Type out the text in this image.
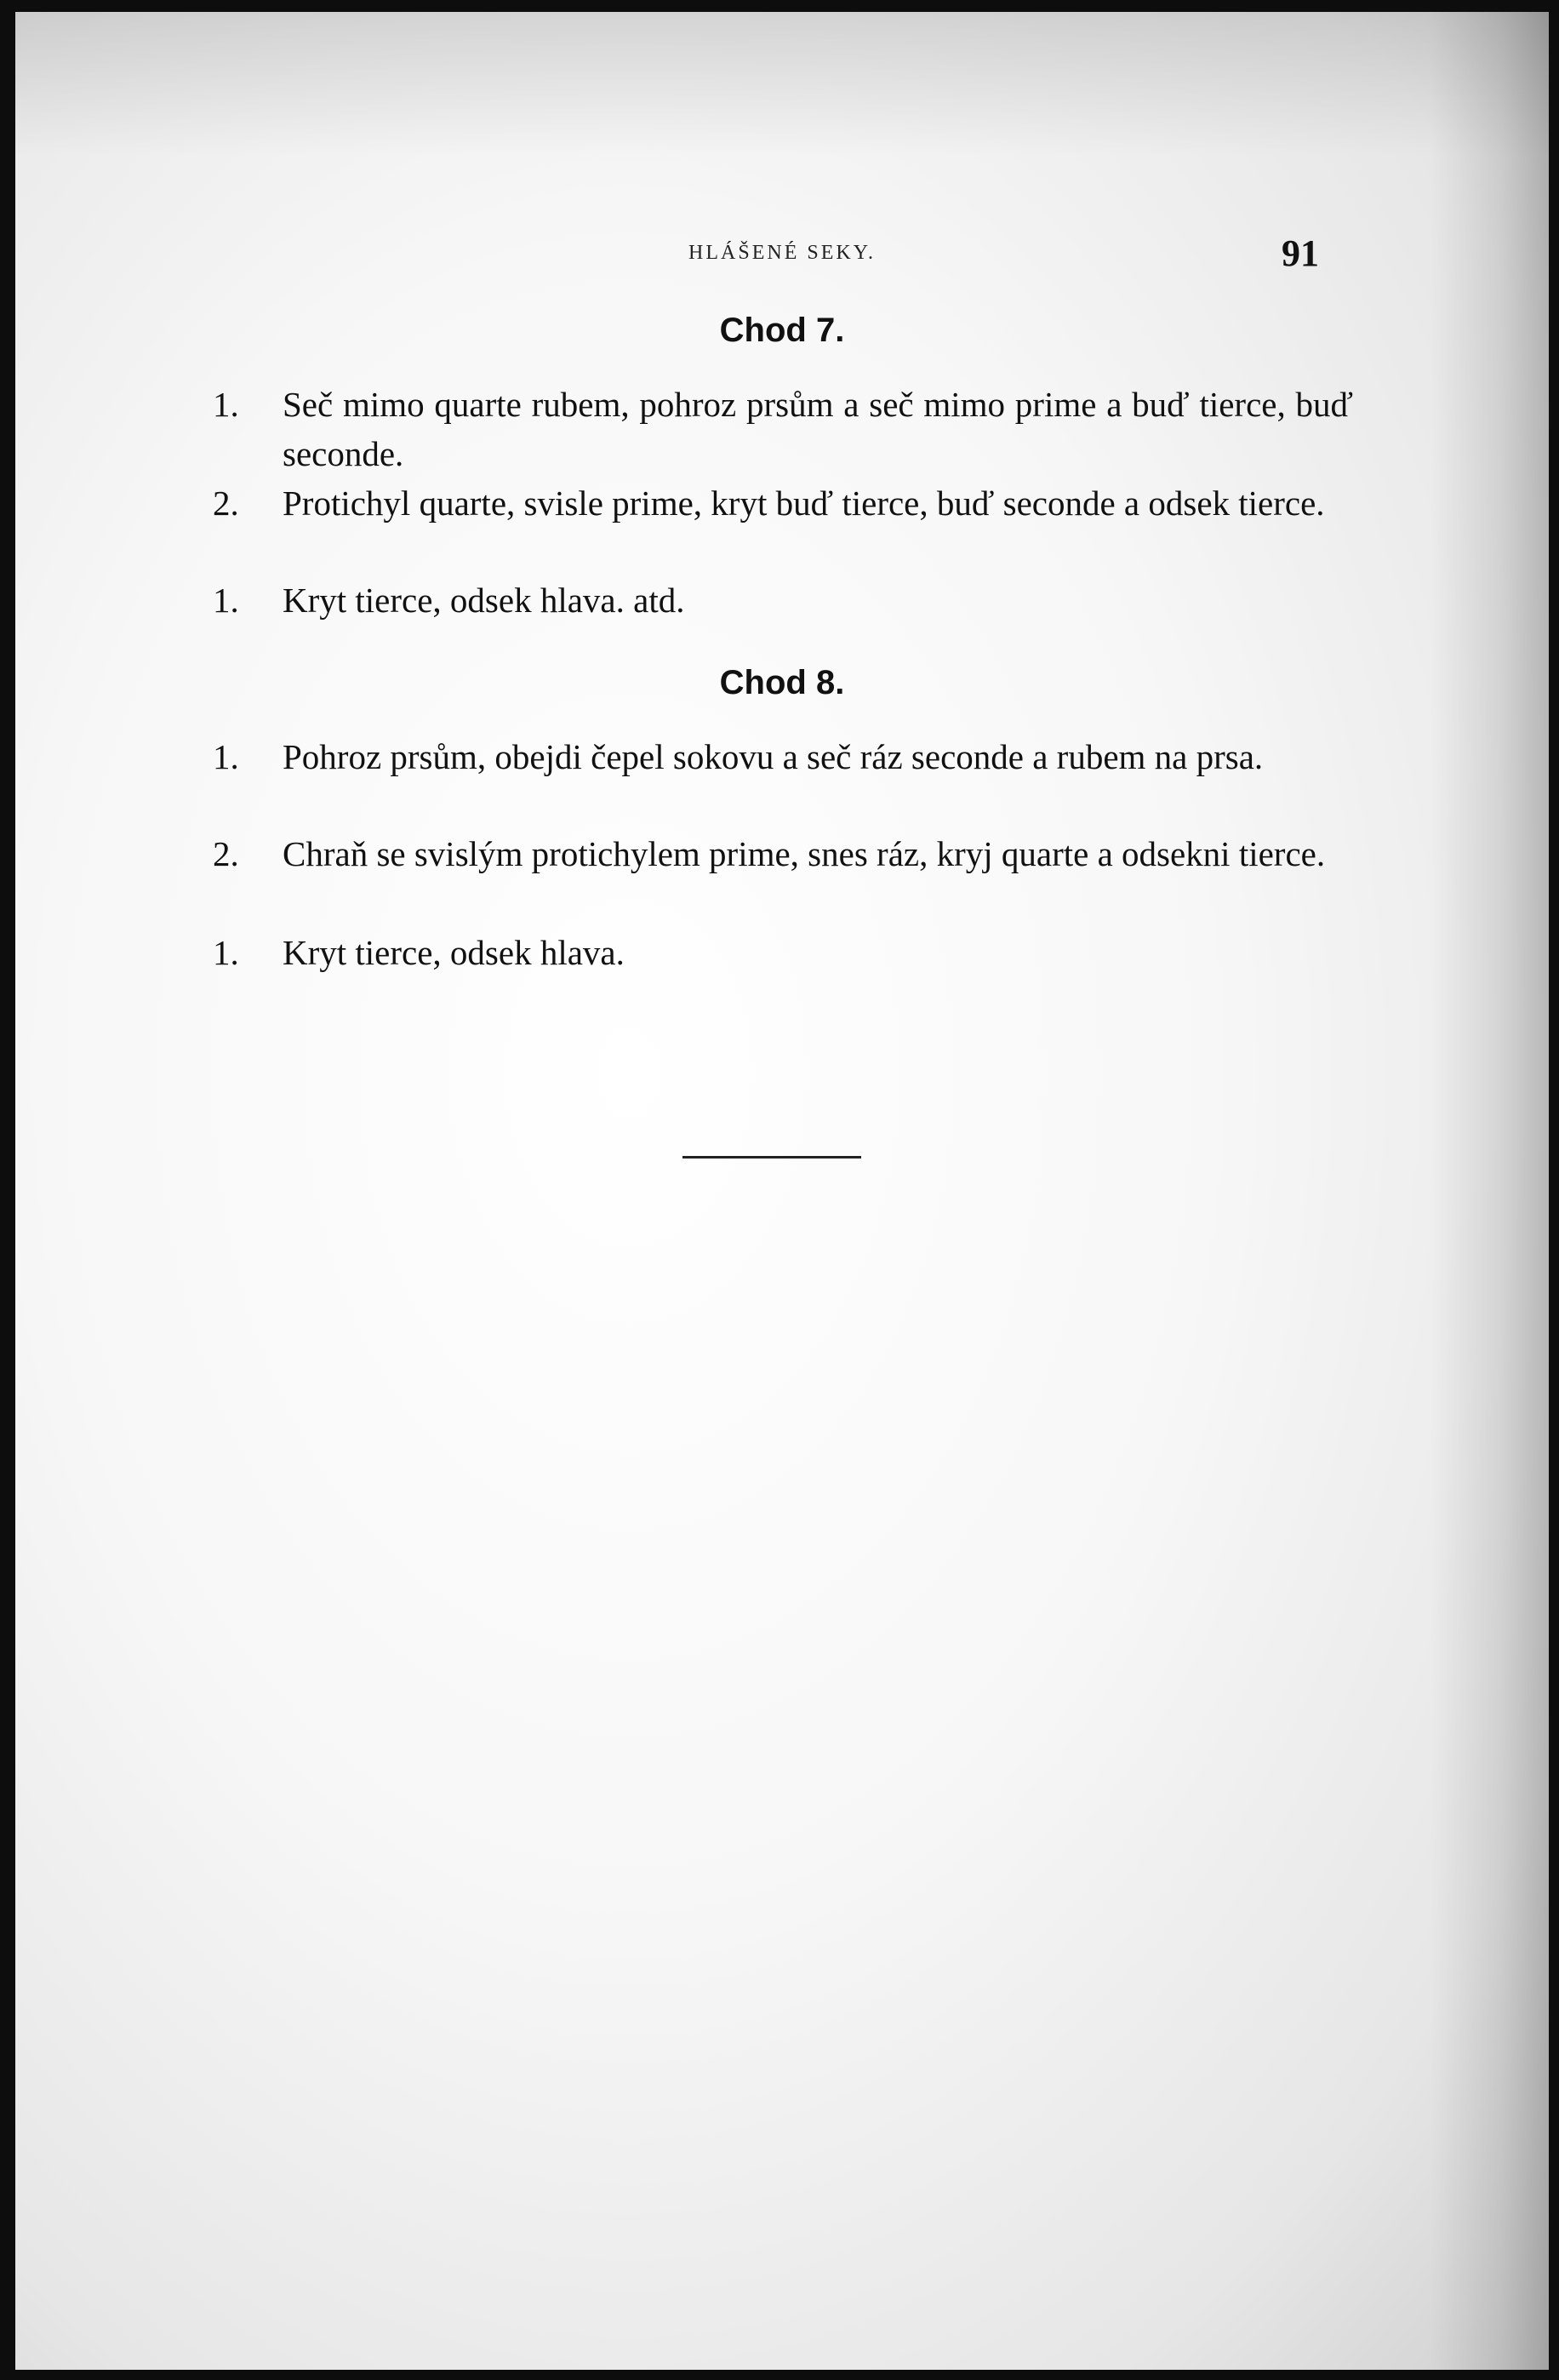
HLÁŠENÉ SEKY.	91
Chod 7.
1. Seč mimo quarte rubem, pohroz prsům a seč mimo prime a buď tierce, buď seconde.
2. Protichyl quarte, svisle prime, kryt buď tierce, buď seconde a odsek tierce.
1. Kryt tierce, odsek hlava. atd.
Chod 8.
1. Pohroz prsům, obejdi čepel sokovu a seč ráz seconde a rubem na prsa.
2. Chraň se svislým protichylem prime, snes ráz, kryj quarte a odsekni tierce.
1. Kryt tierce, odsek hlava.
